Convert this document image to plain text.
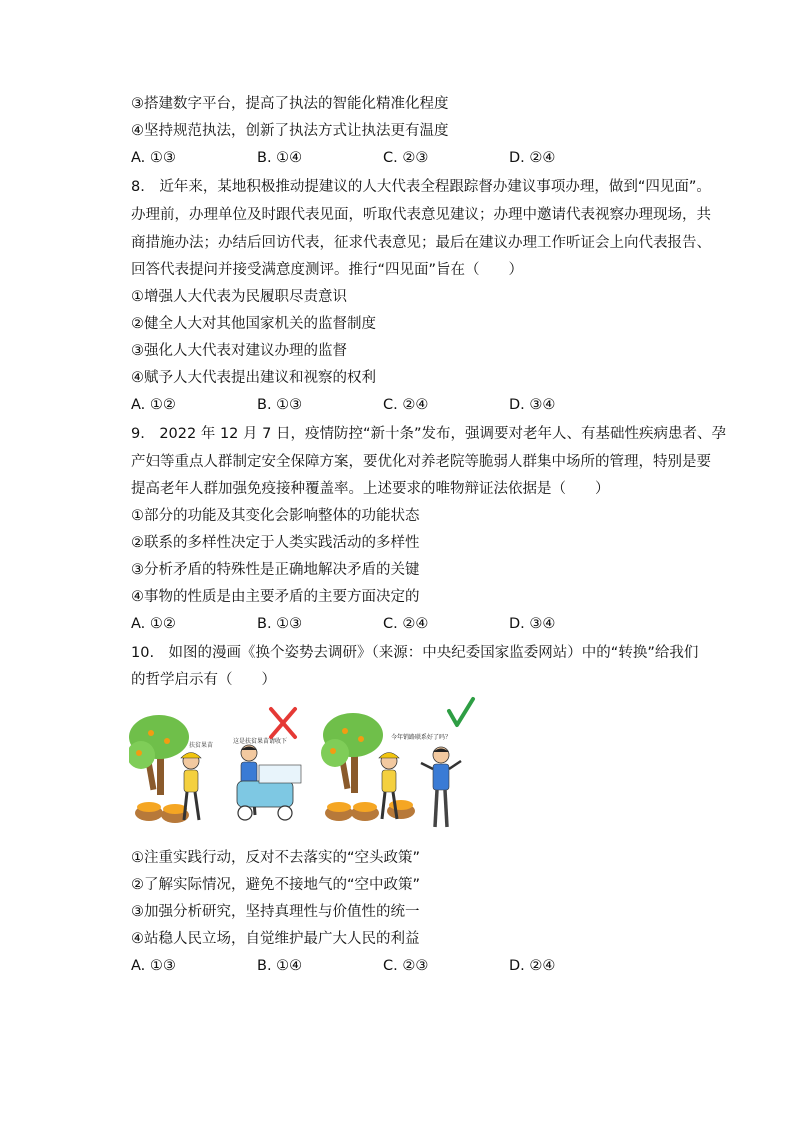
③搭建数字平台，提高了执法的智能化精准化程度
④坚持规范执法，创新了执法方式让执法更有温度
A. ①③	B. ①④	C. ②③	D. ②④
8.　近年来，某地积极推动提建议的人大代表全程跟踪督办建议事项办理，做到“四见面”。
办理前，办理单位及时跟代表见面，听取代表意见建议；办理中邀请代表视察办理现场，共
商措施办法；办结后回访代表，征求代表意见；最后在建议办理工作听证会上向代表报告、
回答代表提问并接受满意度测评。推行“四见面”旨在（　　）
①增强人大代表为民履职尽责意识
②健全人大对其他国家机关的监督制度
③强化人大代表对建议办理的监督
④赋予人大代表提出建议和视察的权利
A. ①②	B. ①③	C. ②④	D. ③④
9.　2022 年 12 月 7 日，疫情防控“新十条”发布，强调要对老年人、有基础性疾病患者、孕
产妇等重点人群制定安全保障方案，要优化对养老院等脆弱人群集中场所的管理，特别是要
提高老年人群加强免疫接种覆盖率。上述要求的唯物辩证法依据是（　　）
①部分的功能及其变化会影响整体的功能状态
②联系的多样性决定于人类实践活动的多样性
③分析矛盾的特殊性是正确地解决矛盾的关键
④事物的性质是由主要矛盾的主要方面决定的
A. ①②	B. ①③	C. ②④	D. ③④
10.　如图的漫画《换个姿势去调研》（来源：中央纪委国家监委网站）中的“转换”给我们
的哲学启示有（　　）
扶贫果苗
这是扶贫果苗请收下
今年销路联系好了吗？
①注重实践行动，反对不去落实的“空头政策”
②了解实际情况，避免不接地气的“空中政策”
③加强分析研究，坚持真理性与价值性的统一
④站稳人民立场，自觉维护最广大人民的利益
A. ①③	B. ①④	C. ②③	D. ②④
